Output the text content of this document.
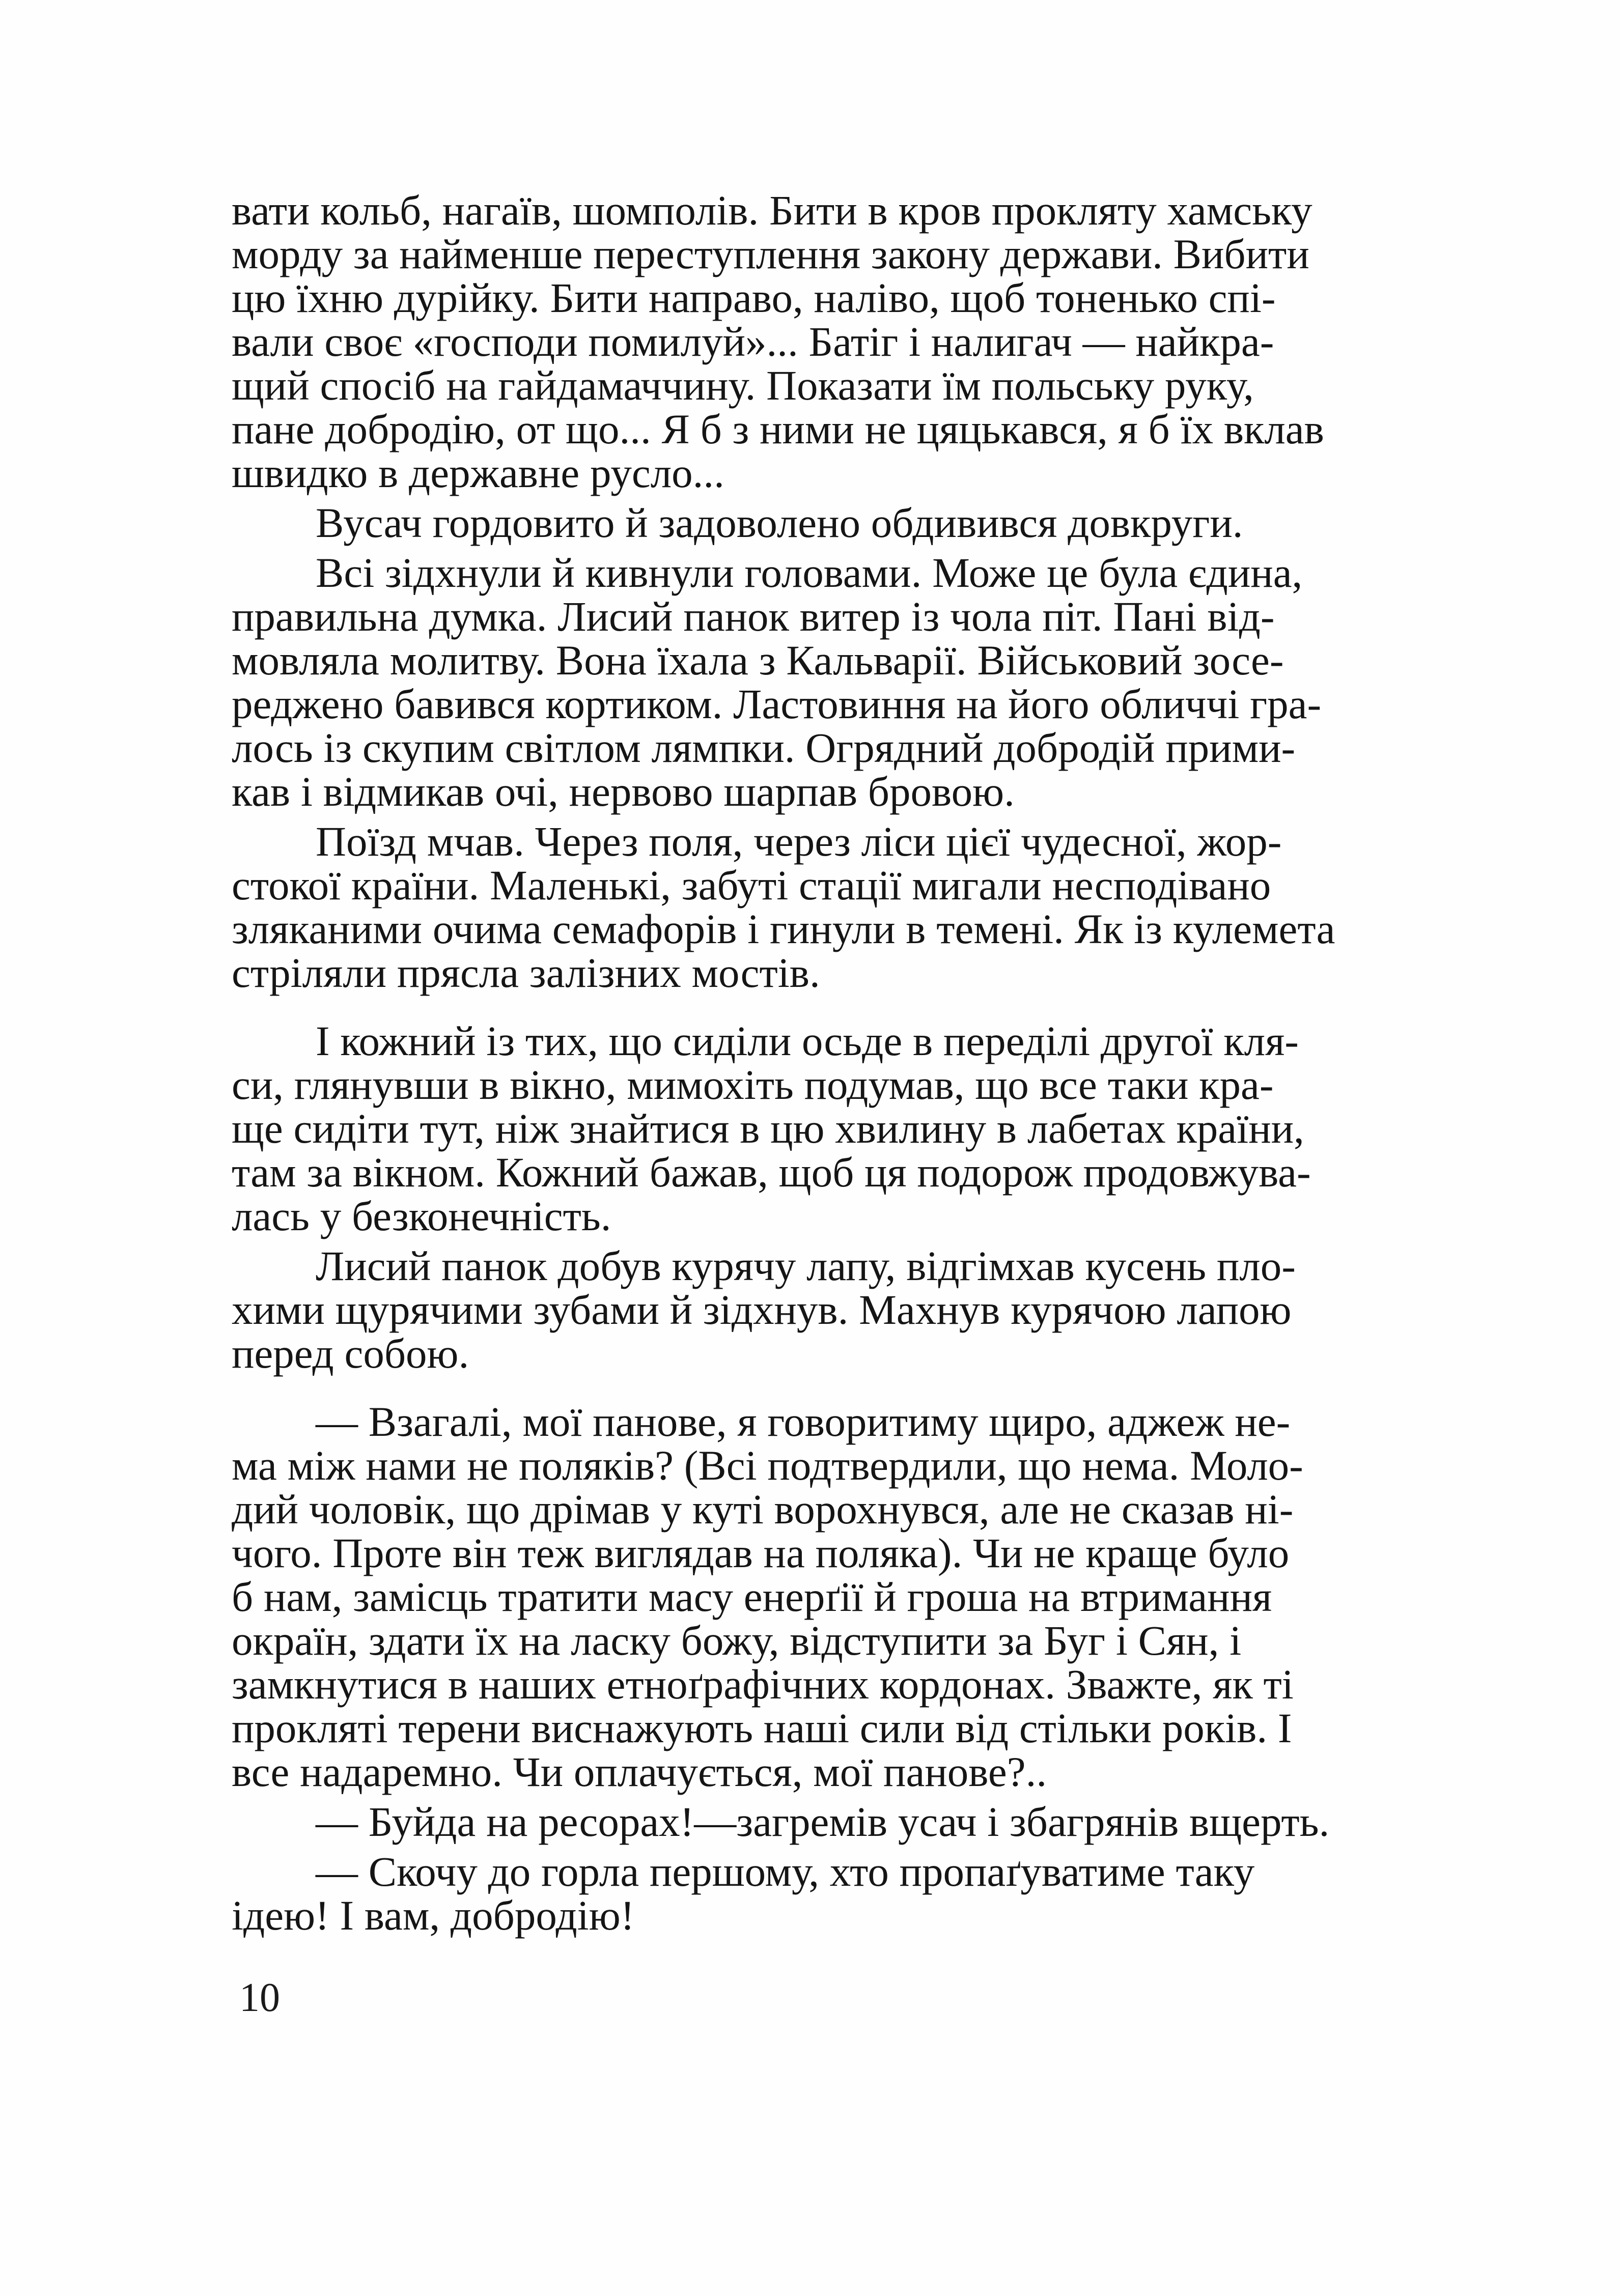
вати кольб, нагаїв, шомполів. Бити в кров прокляту хамську
морду за найменше переступлення закону держави. Вибити
цю їхню дурійку. Бити направо, наліво, щоб тоненько спі-
вали своє «господи помилуй»... Батіг і налигач — найкра-
щий спосіб на гайдамаччину. Показати їм польську руку,
пане добродію, от що... Я б з ними не цяцькався, я б їх вклав
швидко в державне русло...

Вусач гордовито й задоволено обдивився довкруги.

Всі зідхнули й кивнули головами. Може це була єдина,
правильна думка. Лисий панок витер із чола піт. Пані від-
мовляла молитву. Вона їхала з Кальварії. Військовий зосе-
реджено бавився кортиком. Ластовиння на його обличчі гра-
лось із скупим світлом лямпки. Огрядний добродій прими-
кав і відмикав очі, нервово шарпав бровою.

Поїзд мчав. Через поля, через ліси цієї чудесної, жор-
стокої країни. Маленькі, забуті стації мигали несподівано
зляканими очима семафорів і гинули в темені. Як із кулемета
стріляли прясла залізних мостів.

І кожний із тих, що сиділи осьде в переділі другої кля-
си, глянувши в вікно, мимохіть подумав, що все таки кра-
ще сидіти тут, ніж знайтися в цю хвилину в лабетах країни,
там за вікном. Кожний бажав, щоб ця подорож продовжува-
лась у безконечність.

Лисий панок добув курячу лапу, відгімхав кусень пло-
хими щурячими зубами й зідхнув. Махнув курячою лапою
перед собою.

— Взагалі, мої панове, я говоритиму щиро, аджеж не-
ма між нами не поляків? (Всі подтвердили, що нема. Моло-
дий чоловік, що дрімав у куті ворохнувся, але не сказав ні-
чого. Проте він теж виглядав на поляка). Чи не краще було
б нам, замісць тратити масу енерґії й гроша на втримання
окраїн, здати їх на ласку божу, відступити за Буг і Сян, і
замкнутися в наших етноґрафічних кордонах. Зважте, як ті
прокляті терени виснажують наші сили від стільки років. І
все надаремно. Чи оплачується, мої панове?..

— Буйда на ресорах!—загремів усач і збагрянів вщерть.

— Скочу до горла першому, хто пропаґуватиме таку
ідею! І вам, добродію!

10
